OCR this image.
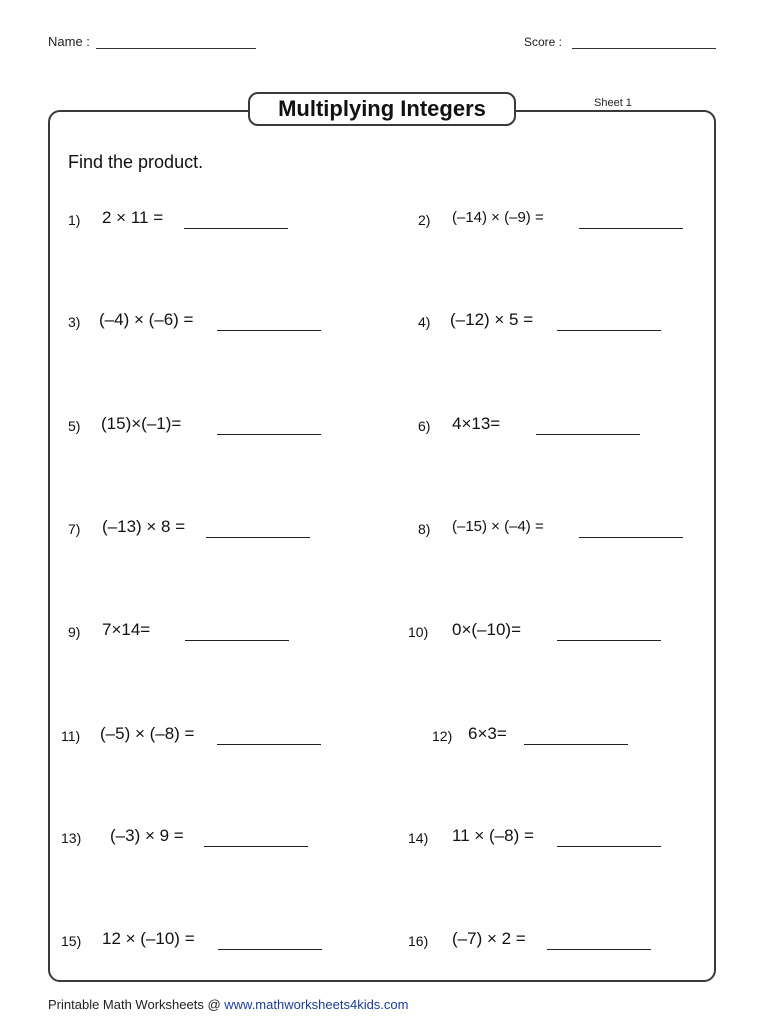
Name :	Score :
Multiplying Integers	Sheet 1
Find the product.
1) 2 × 11 =	2) (–14) × (–9) =
3) (–4) × (–6) =	4) (–12) × 5 =
5) (15)×(–1)=	6) 4×13=
7) (–13) × 8 =	8) (–15) × (–4) =
9) 7×14=	10) 0×(–10)=
11) (–5) × (–8) =	12) 6×3=
13) (–3) × 9 =	14) 11 × (–8) =
15) 12 × (–10) =	16) (–7) × 2 =
Printable Math Worksheets @ www.mathworksheets4kids.com
